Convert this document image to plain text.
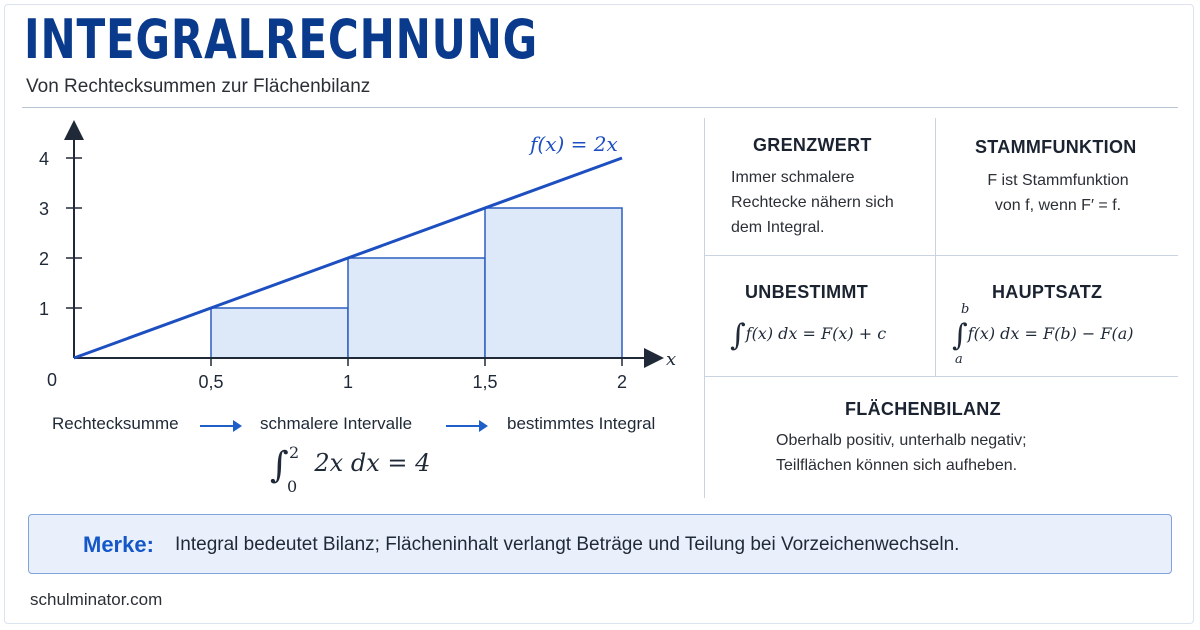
INTEGRALRECHNUNG
Von Rechtecksummen zur Flächenbilanz
0,5	1	1,5	2
1
2
3
4
f(x) = 2x
x
0
Rechtecksumme	schmalere Intervalle	bestimmtes Integral
∫ 2
0
2x dx = 4
GRENZWERT
Immer schmalere
Rechtecke nähern sich
dem Integral.
STAMMFUNKTION
F ist Stammfunktion
von f, wenn F′ = f.
UNBESTIMMT
∫f(x) dx = F(x) + c
HAUPTSATZ
b
a
∫f(x) dx = F(b) − F(a)
FLÄCHENBILANZ
Oberhalb positiv, unterhalb negativ;
Teilflächen können sich aufheben.
Merke: Integral bedeutet Bilanz; Flächeninhalt verlangt Beträge und Teilung bei Vorzeichenwechseln.
schulminator.com
